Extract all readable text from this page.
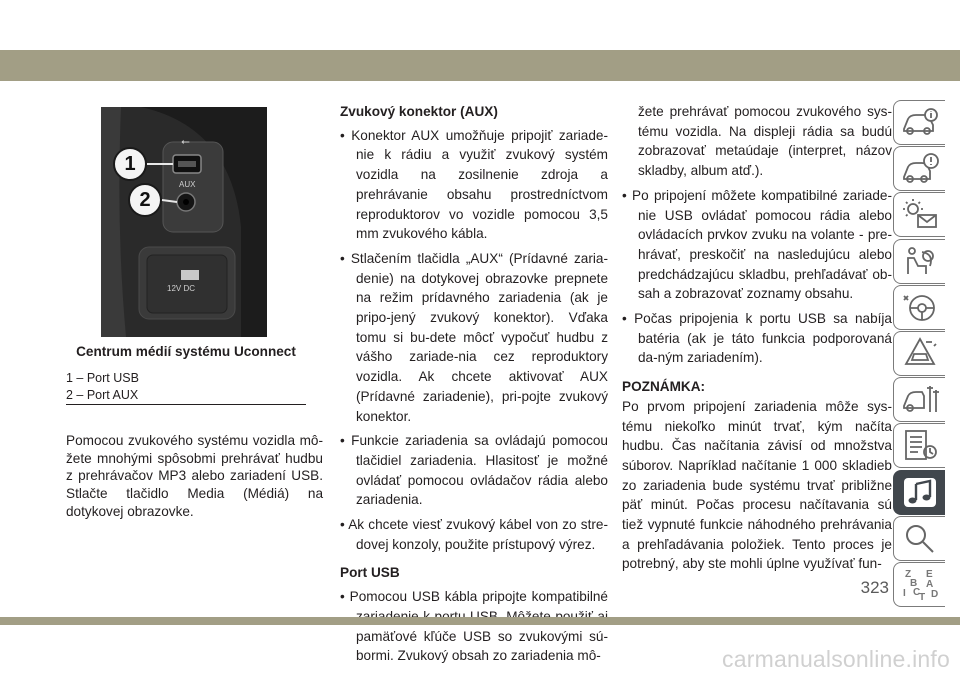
⭠
AUX
12V DC
1
2
Centrum médií systému Uconnect
1 – Port USB
2 – Port AUX

Pomocou zvukového systému vozidla mô-žete mnohými spôsobmi prehrávať hudbu z prehrávačov MP3 alebo zariadení USB. Stlačte tlačidlo Media (Médiá) na dotykovej obrazovke.

Zvukový konektor (AUX)

• Konektor AUX umožňuje pripojiť zariade-nie k rádiu a využiť zvukový systém vozidla na zosilnenie zdroja a prehrávanie obsahu prostredníctvom reproduktorov vo vozidle pomocou 3,5 mm zvukového kábla.

• Stlačením tlačidla „AUX“ (Prídavné zaria-denie) na dotykovej obrazovke prepnete na režim prídavného zariadenia (ak je pripo-jený zvukový konektor). Vďaka tomu si bu-dete môcť vypočuť hudbu z vášho zariade-nia cez reproduktory vozidla. Ak chcete aktivovať AUX (Prídavné zariadenie), pri-pojte zvukový konektor.

• Funkcie zariadenia sa ovládajú pomocou tlačidiel zariadenia. Hlasitosť je možné ovládať pomocou ovládačov rádia alebo zariadenia.

• Ak chcete viesť zvukový kábel von zo stre-dovej konzoly, použite prístupový výrez.

Port USB

• Pomocou USB kábla pripojte kompatibilné pamäťové kľúče USB so zvukovými sú-bormi. Zvukový obsah zo zariadenia mô-

žete prehrávať pomocou zvukového sys-tému vozidla. Na displeji rádia sa budú zobrazovať metaúdaje (interpret, názov skladby, album atď.).

• Po pripojení môžete kompatibilné zariade-nie USB ovládať pomocou rádia alebo ovládacích prvkov zvuku na volante - pre-hrávať, preskočiť na nasledujúcu alebo predchádzajúcu skladbu, prehľadávať ob-sah a zobrazovať zoznamy obsahu.

• Počas pripojenia k portu USB sa nabíja batéria (ak je táto funkcia podporovaná da-ným zariadením).

POZNÁMKA:

Po prvom pripojení zariadenia môže sys-tému niekoľko minút trvať, kým načíta hudbu. Čas načítania závisí od množstva súborov. Napríklad načítanie 1 000 skladieb zo zariadenia bude systému trvať približne päť minút. Počas procesu načítavania sú tiež vypnuté funkcie náhodného prehrávania a prehľadávania položiek. Tento proces je potrebný, aby ste mohli úplne využívať fun-

Z E
B A
I C
T D
323
carmanualsonline.info
